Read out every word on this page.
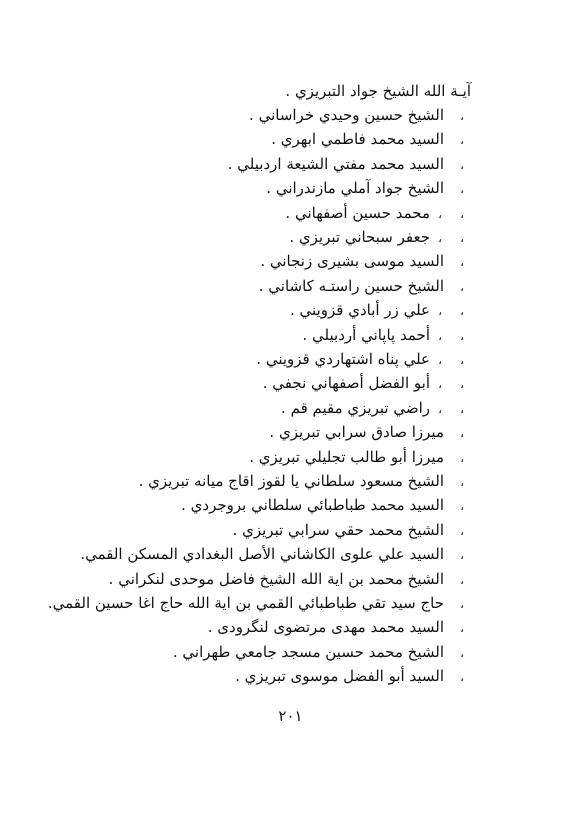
آيـة الله الشيخ جواد التبريزي .
،الشيخ حسين وحيدي خراساني .
،السيد محمد فاطمي ابهري .
،السيد محمد مفتي الشيعة اردبيلي .
،الشيخ جواد آملي مازندراني .
،،محمد حسين أصفهاني .
،،جعفر سبحاني تبريزي .
،السيد موسى بشيرى زنجاني .
،الشيخ حسين راستـه كاشاني .
،،علي زر أبادي قزويني .
،،أحمد پاپاني أردبيلي .
،،علي پناه اشتهاردي قزويني .
،،أبو الفضل أصفهاني نجفي .
،،راضي تبريزي مقيم قم .
،ميرزا صادق سرابي تبريزي .
،ميرزا أبو طالب تجليلي تبريزي .
،الشيخ مسعود سلطاني يا لقوز اقاج ميانه تبريزي .
،السيد محمد طباطبائي سلطاني بروجردي .
،الشيخ محمد حقي سرابي تبريزي .
،السيد علي علوى الكاشاني الأصل البغدادي المسكن القمي.
،الشيخ محمد بن اية الله الشيخ فاضل موحدى لنكراني .
،حاج سيد تقي طباطبائي القمي بن اية الله حاج اغا حسين القمي.
،السيد محمد مهدى مرتضوى لنگرودى .
،الشيخ محمد حسين مسجد جامعي طهراني .
،السيد أبو الفضل موسوى تبريزي .
٢٠١
